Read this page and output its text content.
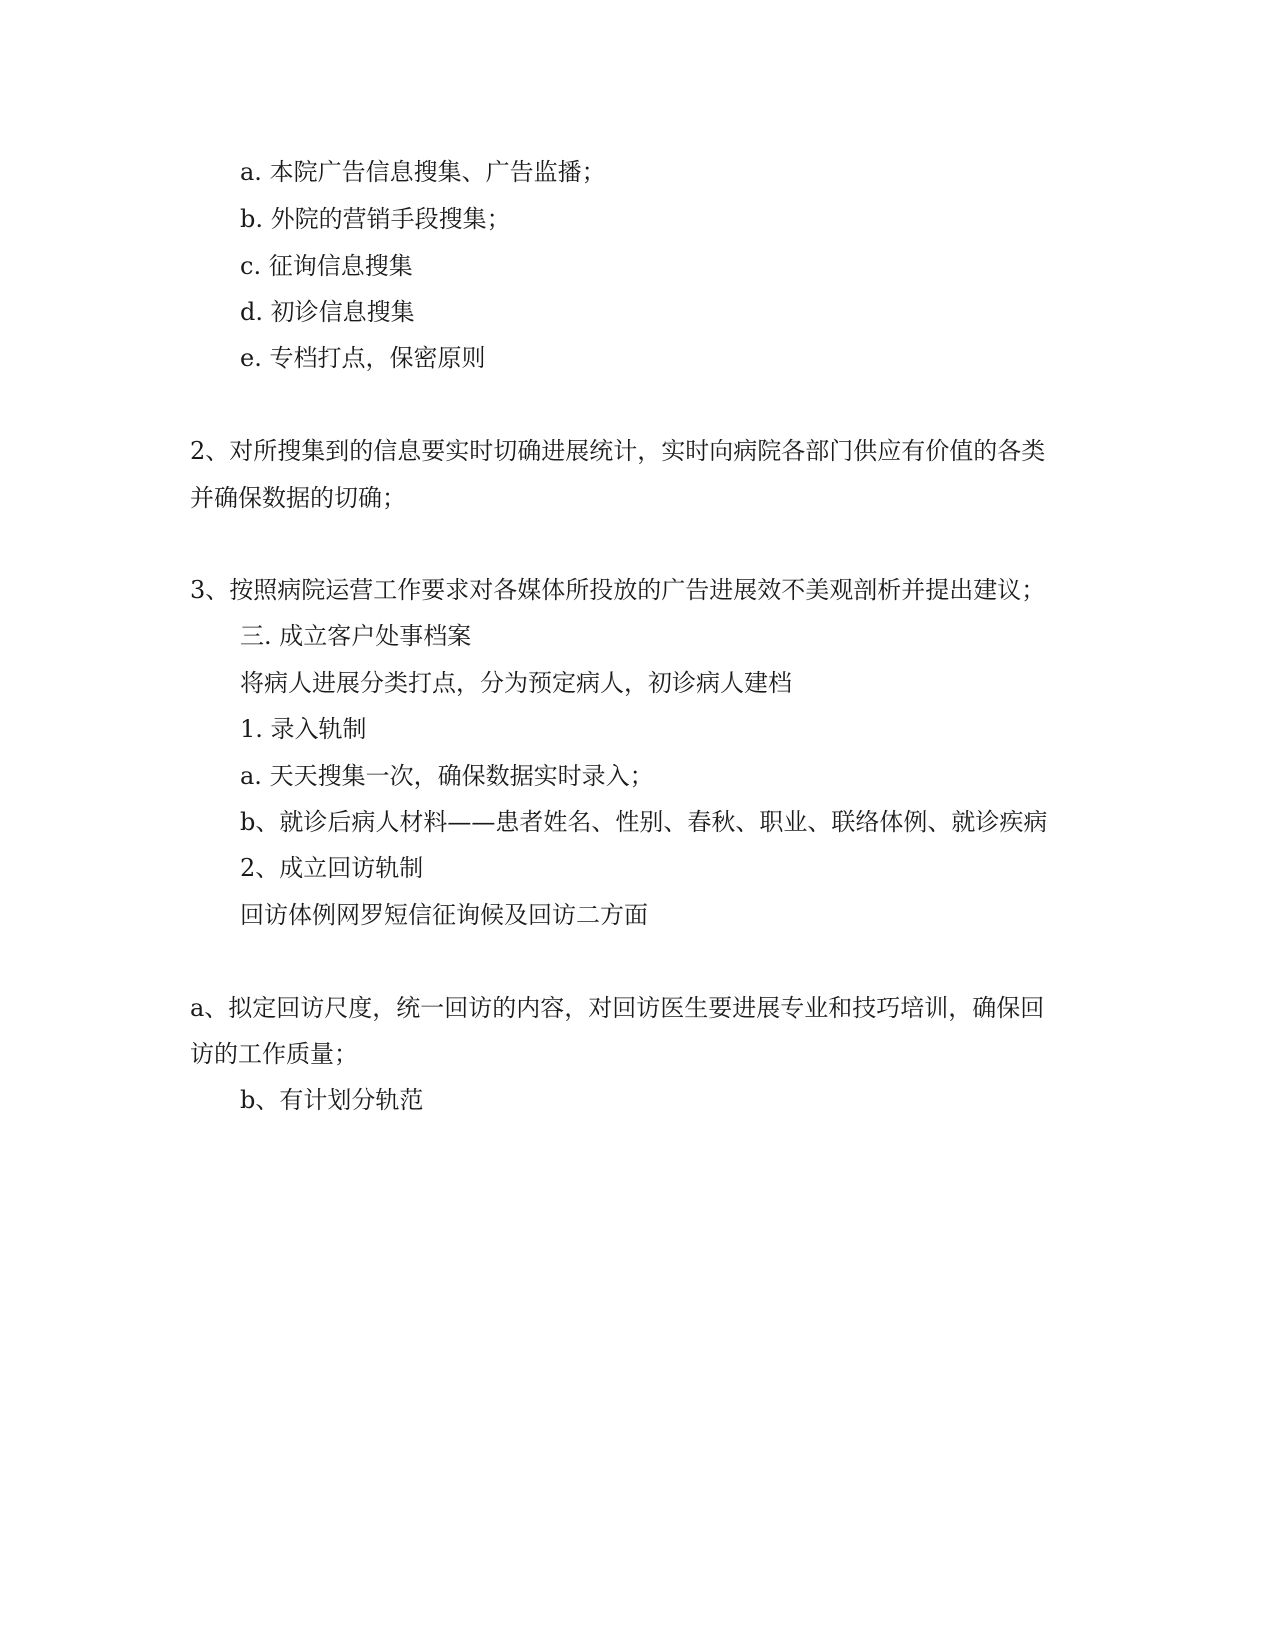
a. 本院广告信息搜集、广告监播；
b. 外院的营销手段搜集；
c. 征询信息搜集
d. 初诊信息搜集
e. 专档打点，保密原则
2、对所搜集到的信息要实时切确进展统计，实时向病院各部门供应有价值的各类
并确保数据的切确；
3、按照病院运营工作要求对各媒体所投放的广告进展效不美观剖析并提出建议；
三. 成立客户处事档案
将病人进展分类打点，分为预定病人，初诊病人建档
1. 录入轨制
a. 天天搜集一次，确保数据实时录入；
b、就诊后病人材料——患者姓名、性别、春秋、职业、联络体例、就诊疾病
2、成立回访轨制
回访体例网罗短信征询候及回访二方面
a、拟定回访尺度，统一回访的内容，对回访医生要进展专业和技巧培训，确保回
访的工作质量；
b、有计划分轨范
